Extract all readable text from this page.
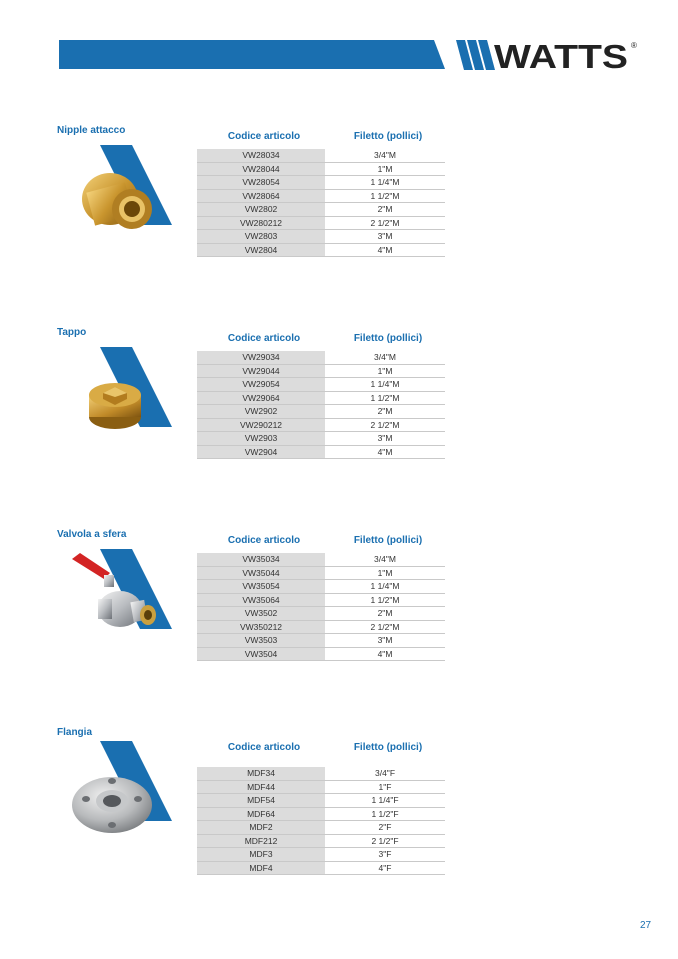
WATTS ®
Nipple attacco
Codice articolo	Filetto (pollici)
VW28034	3/4"M
VW28044	1"M
VW28054	1 1/4"M
VW28064	1 1/2"M
VW2802	2"M
VW280212	2 1/2"M
VW2803	3"M
VW2804	4"M
Tappo
Codice articolo	Filetto (pollici)
VW29034	3/4"M
VW29044	1"M
VW29054	1 1/4"M
VW29064	1 1/2"M
VW2902	2"M
VW290212	2 1/2"M
VW2903	3"M
VW2904	4"M
Valvola a sfera
Codice articolo	Filetto (pollici)
VW35034	3/4"M
VW35044	1"M
VW35054	1 1/4"M
VW35064	1 1/2"M
VW3502	2"M
VW350212	2 1/2"M
VW3503	3"M
VW3504	4"M
Flangia
Codice articolo	Filetto (pollici)
MDF34	3/4"F
MDF44	1"F
MDF54	1 1/4"F
MDF64	1 1/2"F
MDF2	2"F
MDF212	2 1/2"F
MDF3	3"F
MDF4	4"F
27
